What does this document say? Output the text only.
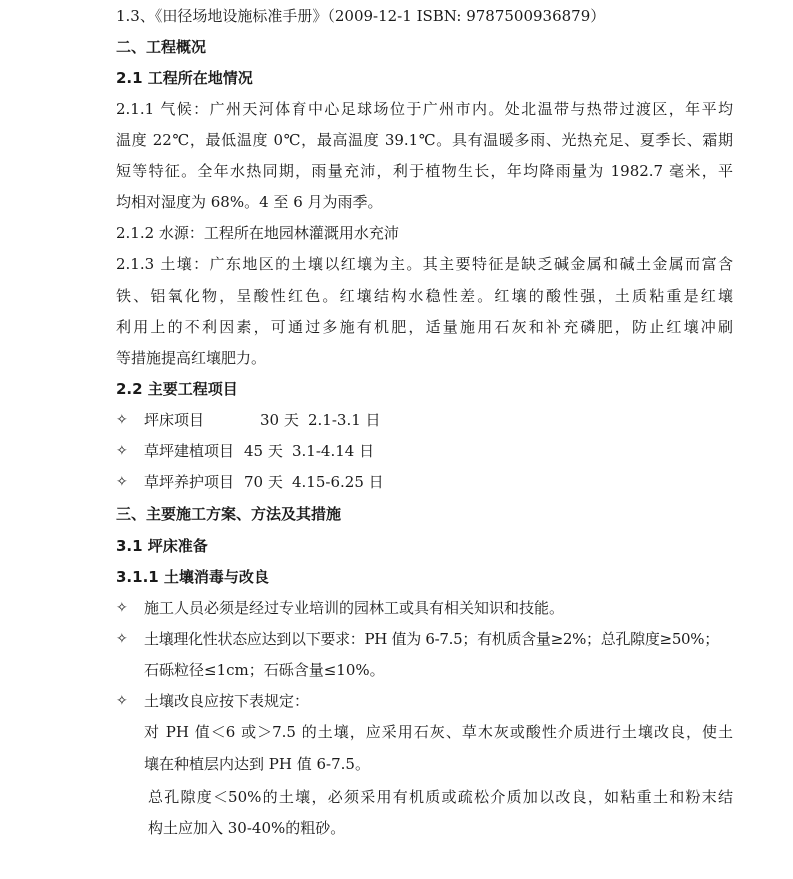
1.3、《田径场地设施标准手册》（2009-12-1 ISBN: 9787500936879）
二、工程概况
2.1 工程所在地情况
2.1.1 气候：广州天河体育中心足球场位于广州市内。处北温带与热带过渡区，年平均
温度 22℃，最低温度 0℃，最高温度 39.1℃。具有温暖多雨、光热充足、夏季长、霜期
短等特征。全年水热同期，雨量充沛，利于植物生长，年均降雨量为 1982.7 毫米，平
均相对湿度为 68%。4 至 6 月为雨季。
2.1.2 水源：工程所在地园林灌溉用水充沛
2.1.3 土壤：广东地区的土壤以红壤为主。其主要特征是缺乏碱金属和碱土金属而富含
铁、铝氧化物，呈酸性红色。红壤结构水稳性差。红壤的酸性强，土质粘重是红壤
利用上的不利因素，可通过多施有机肥，适量施用石灰和补充磷肥，防止红壤冲刷
等措施提高红壤肥力。
2.2 主要工程项目
✧	坪床项目	30 天 2.1-3.1 日
✧	草坪建植项目 45 天 3.1-4.14 日
✧	草坪养护项目 70 天 4.15-6.25 日
三、主要施工方案、方法及其措施
3.1 坪床准备
3.1.1 土壤消毒与改良
✧	施工人员必须是经过专业培训的园林工或具有相关知识和技能。
✧	土壤理化性状态应达到以下要求：PH 值为 6-7.5；有机质含量≥2%；总孔隙度≥50%；
石砾粒径≤1cm；石砾含量≤10%。
✧	土壤改良应按下表规定：
对 PH 值＜6 或＞7.5 的土壤，应采用石灰、草木灰或酸性介质进行土壤改良，使土
壤在种植层内达到 PH 值 6-7.5。
总孔隙度＜50%的土壤，必须采用有机质或疏松介质加以改良，如粘重土和粉末结
构土应加入 30-40%的粗砂。
